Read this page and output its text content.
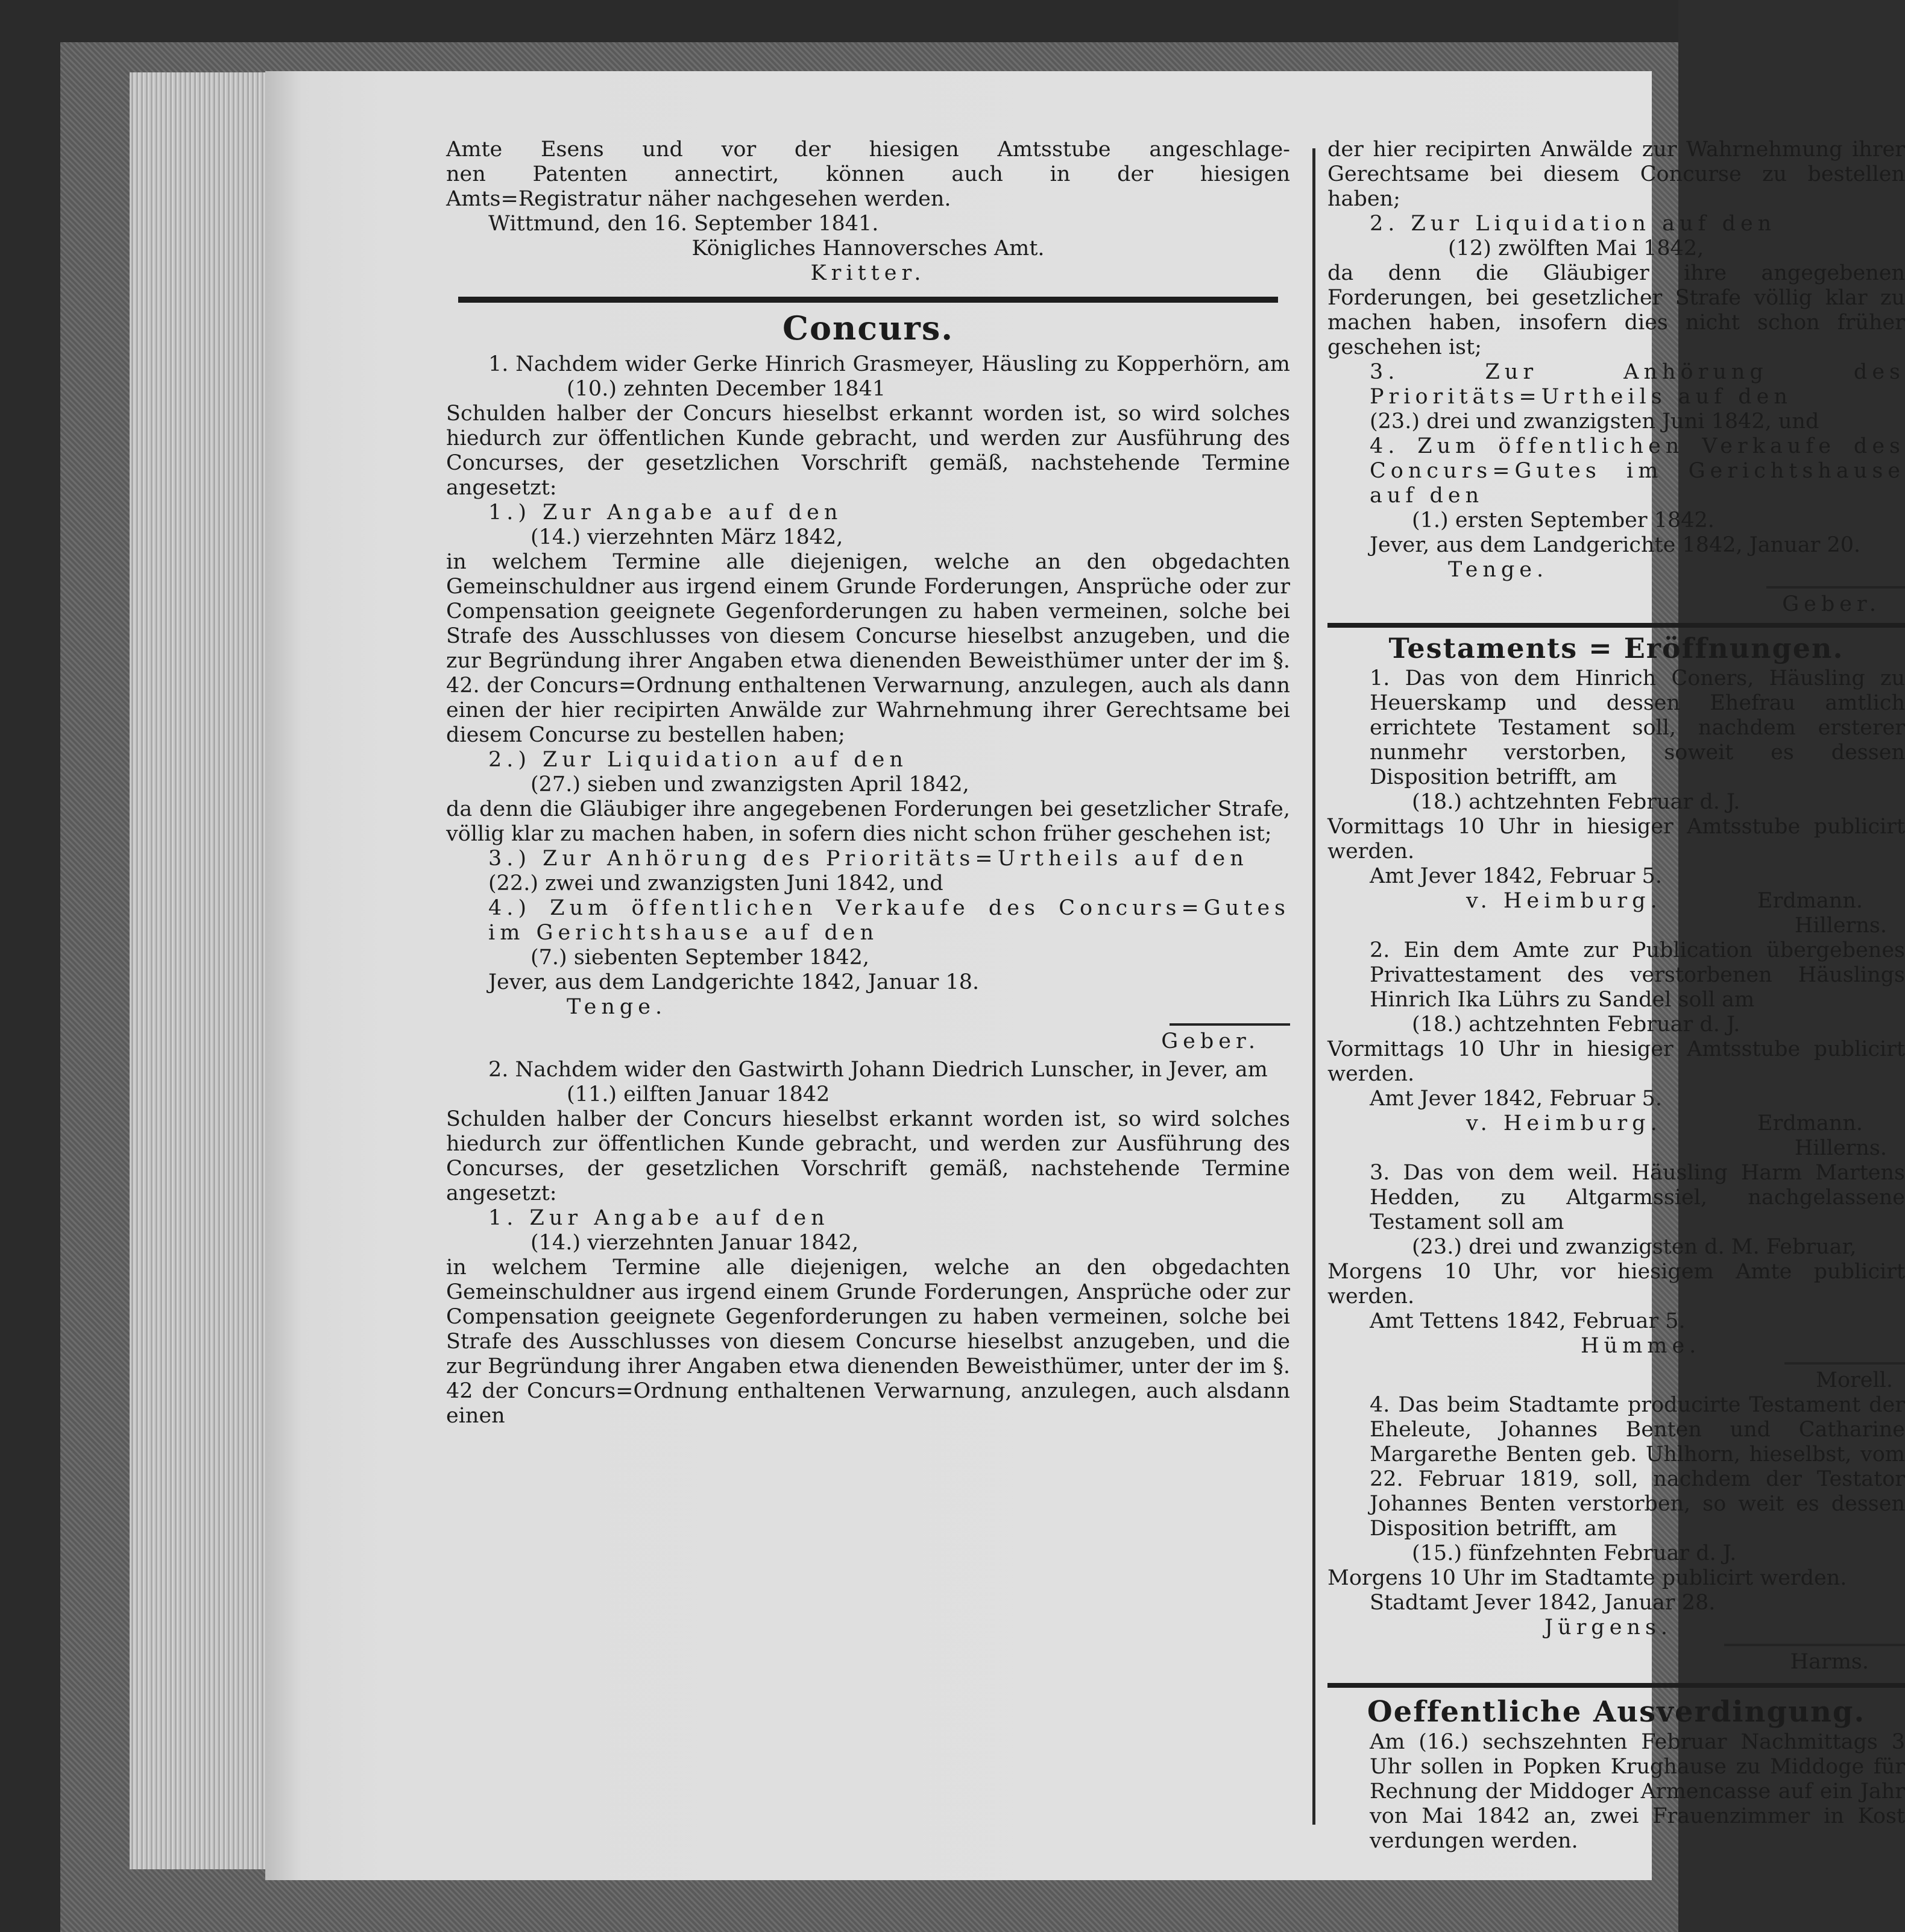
Amte Esens und vor der hiesigen Amtsstube angeschlage-

nen Patenten annectirt, können auch in der hiesigen

Amts=Registratur näher nachgesehen werden.

Wittmund, den 16. September 1841.

Königliches Hannoversches Amt.

Kritter.

Concurs.

1. Nachdem wider Gerke Hinrich Grasmeyer, Häusling zu Kopperhörn, am

(10.) zehnten December 1841

Schulden halber der Concurs hieselbst erkannt worden ist, so wird solches hiedurch zur öffentlichen Kunde gebracht, und werden zur Ausführung des Concurses, der gesetzlichen Vorschrift gemäß, nachstehende Termine angesetzt:

1.) Zur Angabe auf den

(14.) vierzehnten März 1842,

in welchem Termine alle diejenigen, welche an den obgedachten Gemeinschuldner aus irgend einem Grunde Forderungen, Ansprüche oder zur Compensation geeignete Gegenforderungen zu haben vermeinen, solche bei Strafe des Ausschlusses von diesem Concurse hieselbst anzugeben, und die zur Begründung ihrer Angaben etwa dienenden Beweisthümer unter der im §. 42. der Concurs=Ordnung enthaltenen Verwarnung, anzulegen, auch als dann einen der hier recipirten Anwälde zur Wahrnehmung ihrer Gerechtsame bei diesem Concurse zu bestellen haben;

2.) Zur Liquidation auf den

(27.) sieben und zwanzigsten April 1842,

da denn die Gläubiger ihre angegebenen Forderungen bei gesetzlicher Strafe, völlig klar zu machen haben, in sofern dies nicht schon früher geschehen ist;

3.) Zur Anhörung des Prioritäts=Urtheils auf den

(22.) zwei und zwanzigsten Juni 1842, und

4.) Zum öffentlichen Verkaufe des Concurs=Gutes im Gerichtshause auf den

(7.) siebenten September 1842,

Jever, aus dem Landgerichte 1842, Januar 18.

Tenge.

Geber.

2. Nachdem wider den Gastwirth Johann Diedrich Lunscher, in Jever, am

(11.) eilften Januar 1842

Schulden halber der Concurs hieselbst erkannt worden ist, so wird solches hiedurch zur öffentlichen Kunde gebracht, und werden zur Ausführung des Concurses, der gesetzlichen Vorschrift gemäß, nachstehende Termine angesetzt:

1. Zur Angabe auf den

(14.) vierzehnten Januar 1842,

in welchem Termine alle diejenigen, welche an den obgedachten Gemeinschuldner aus irgend einem Grunde Forderungen, Ansprüche oder zur Compensation geeignete Gegenforderungen zu haben vermeinen, solche bei Strafe des Ausschlusses von diesem Concurse hieselbst anzugeben, und die zur Begründung ihrer Angaben etwa dienenden Beweisthümer, unter der im §. 42 der Concurs=Ordnung enthaltenen Verwarnung, anzulegen, auch alsdann einen

der hier recipirten Anwälde zur Wahrnehmung ihrer Gerechtsame bei diesem Concurse zu bestellen haben;

2. Zur Liquidation auf den

(12) zwölften Mai 1842,

da denn die Gläubiger ihre angegebenen Forderungen, bei gesetzlicher Strafe völlig klar zu machen haben, insofern dies nicht schon früher geschehen ist;

3. Zur Anhörung des Prioritäts=Urtheils auf den

(23.) drei und zwanzigsten Juni 1842, und

4. Zum öffentlichen Verkaufe des Concurs=Gutes im Gerichtshause auf den

(1.) ersten September 1842.

Jever, aus dem Landgerichte 1842, Januar 20.

Tenge.

Geber.

Testaments = Eröffnungen.

1. Das von dem Hinrich Coners, Häusling zu Heuerskamp und dessen Ehefrau amtlich errichtete Testament soll, nachdem ersterer nunmehr verstorben, soweit es dessen Disposition betrifft, am

(18.) achtzehnten Februar d. J.

Vormittags 10 Uhr in hiesiger Amtsstube publicirt werden.

Amt Jever 1842, Februar 5.

v. Heimburg.	Erdmann.

Hillerns.

2. Ein dem Amte zur Publication übergebenes Privattestament des verstorbenen Häuslings Hinrich Ika Lührs zu Sandel soll am

(18.) achtzehnten Februar d. J.

Vormittags 10 Uhr in hiesiger Amtsstube publicirt werden.

Amt Jever 1842, Februar 5.

v. Heimburg.	Erdmann.

Hillerns.

3. Das von dem weil. Häusling Harm Martens Hedden, zu Altgarmssiel, nachgelassene Testament soll am

(23.) drei und zwanzigsten d. M. Februar,

Morgens 10 Uhr, vor hiesigem Amte publicirt werden.

Amt Tettens 1842, Februar 5.

Hümme.

Morell.

4. Das beim Stadtamte producirte Testament der Eheleute, Johannes Benten und Catharine Margarethe Benten geb. Uhlhorn, hieselbst, vom 22. Februar 1819, soll, nachdem der Testator Johannes Benten verstorben, so weit es dessen Disposition betrifft, am

(15.) fünfzehnten Februar d. J.

Morgens 10 Uhr im Stadtamte publicirt werden.

Stadtamt Jever 1842, Januar 28.

Jürgens.

Harms.

Oeffentliche Ausverdingung.

Am (16.) sechszehnten Februar Nachmittags 3 Uhr sollen in Popken Krughause zu Middoge für Rechnung der Middoger Armencasse auf ein Jahr von Mai 1842 an, zwei Frauenzimmer in Kost verdungen werden.
